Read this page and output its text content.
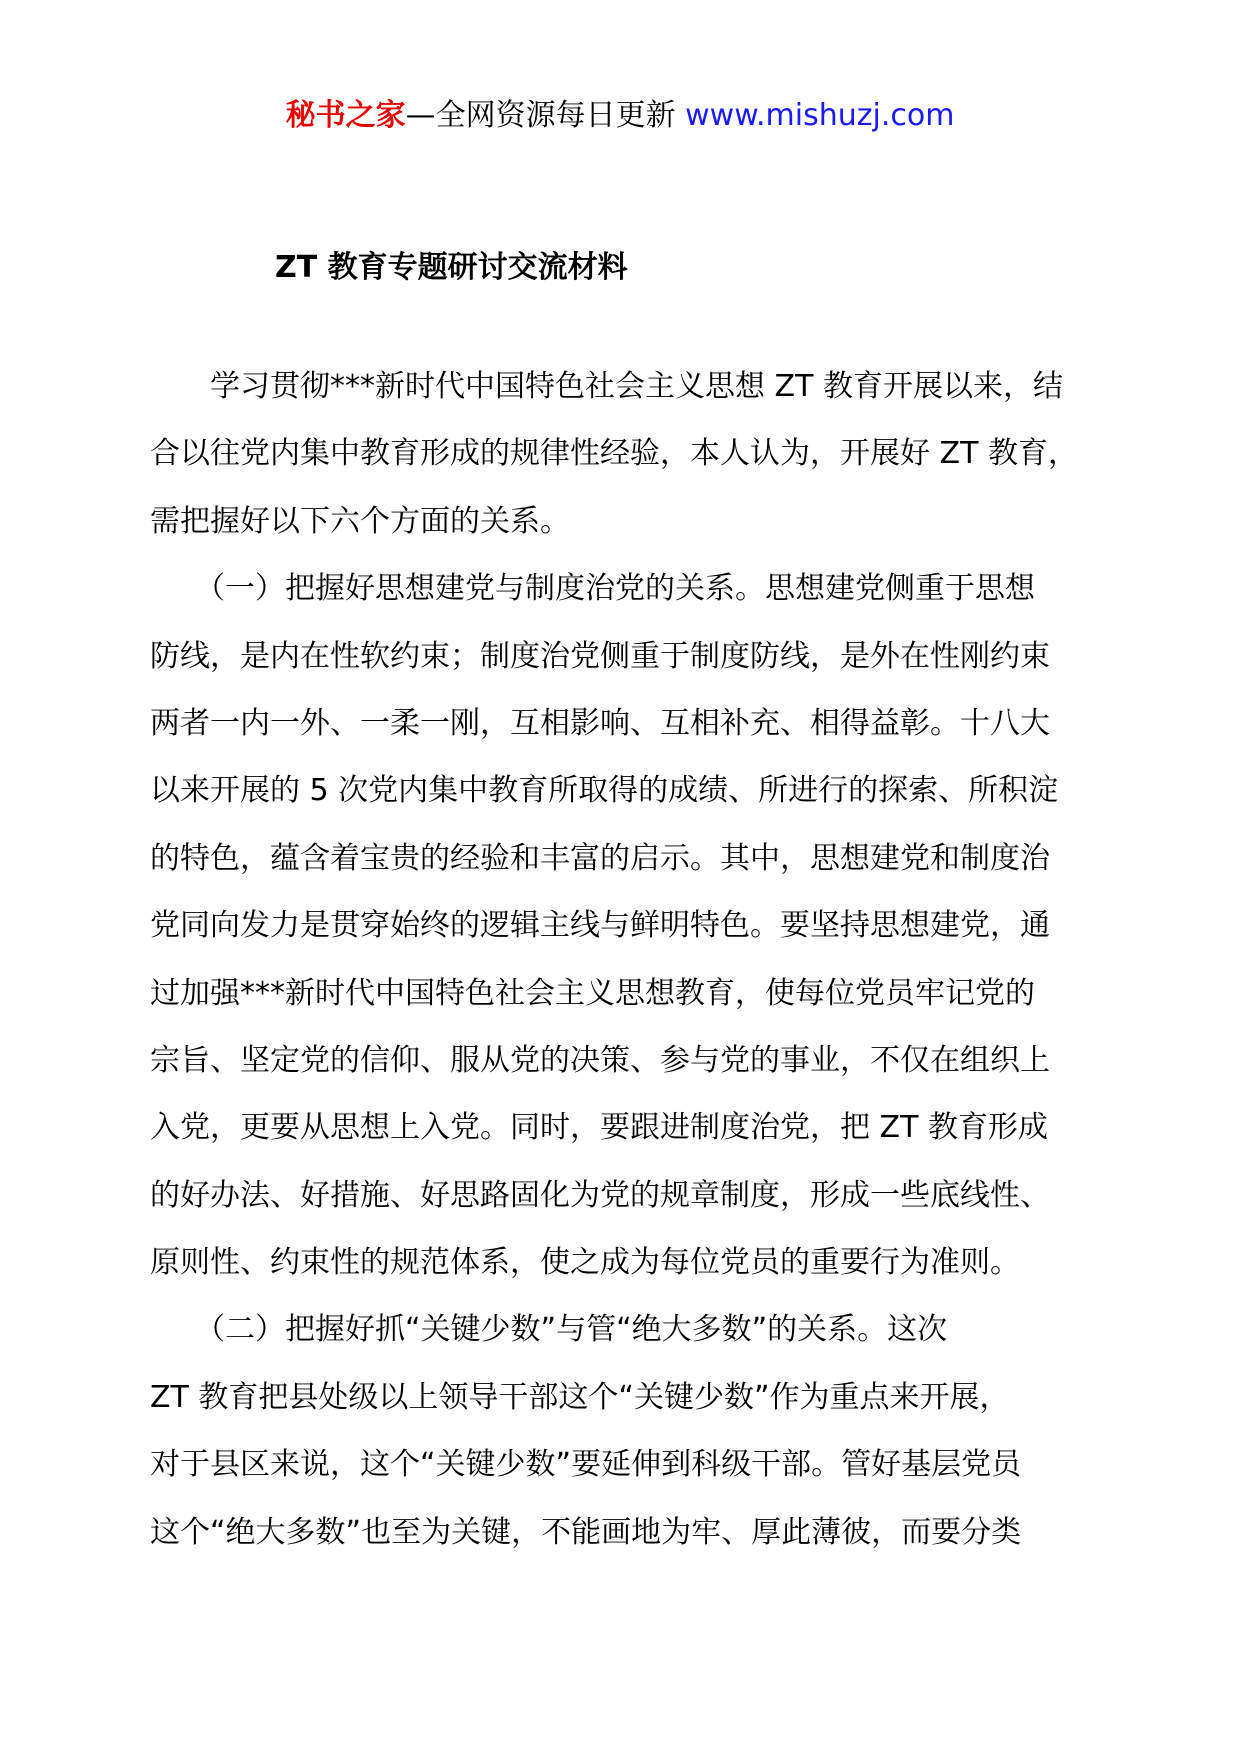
秘书之家—全网资源每日更新 www.mishuzj.com
ZT 教育专题研讨交流材料
　　学习贯彻***新时代中国特色社会主义思想 ZT 教育开展以来，结
合以往党内集中教育形成的规律性经验，本人认为，开展好 ZT 教育，
需把握好以下六个方面的关系。
　　（一）把握好思想建党与制度治党的关系。思想建党侧重于思想
防线，是内在性软约束；制度治党侧重于制度防线，是外在性刚约束
两者一内一外、一柔一刚，互相影响、互相补充、相得益彰。十八大
以来开展的 5 次党内集中教育所取得的成绩、所进行的探索、所积淀
的特色，蕴含着宝贵的经验和丰富的启示。其中，思想建党和制度治
党同向发力是贯穿始终的逻辑主线与鲜明特色。要坚持思想建党，通
过加强***新时代中国特色社会主义思想教育，使每位党员牢记党的
宗旨、坚定党的信仰、服从党的决策、参与党的事业，不仅在组织上
入党，更要从思想上入党。同时，要跟进制度治党，把 ZT 教育形成
的好办法、好措施、好思路固化为党的规章制度，形成一些底线性、
原则性、约束性的规范体系，使之成为每位党员的重要行为准则。
　　（二）把握好抓“关键少数”与管“绝大多数”的关系。这次
ZT 教育把县处级以上领导干部这个“关键少数”作为重点来开展，
对于县区来说，这个“关键少数”要延伸到科级干部。管好基层党员
这个“绝大多数”也至为关键，不能画地为牢、厚此薄彼，而要分类
